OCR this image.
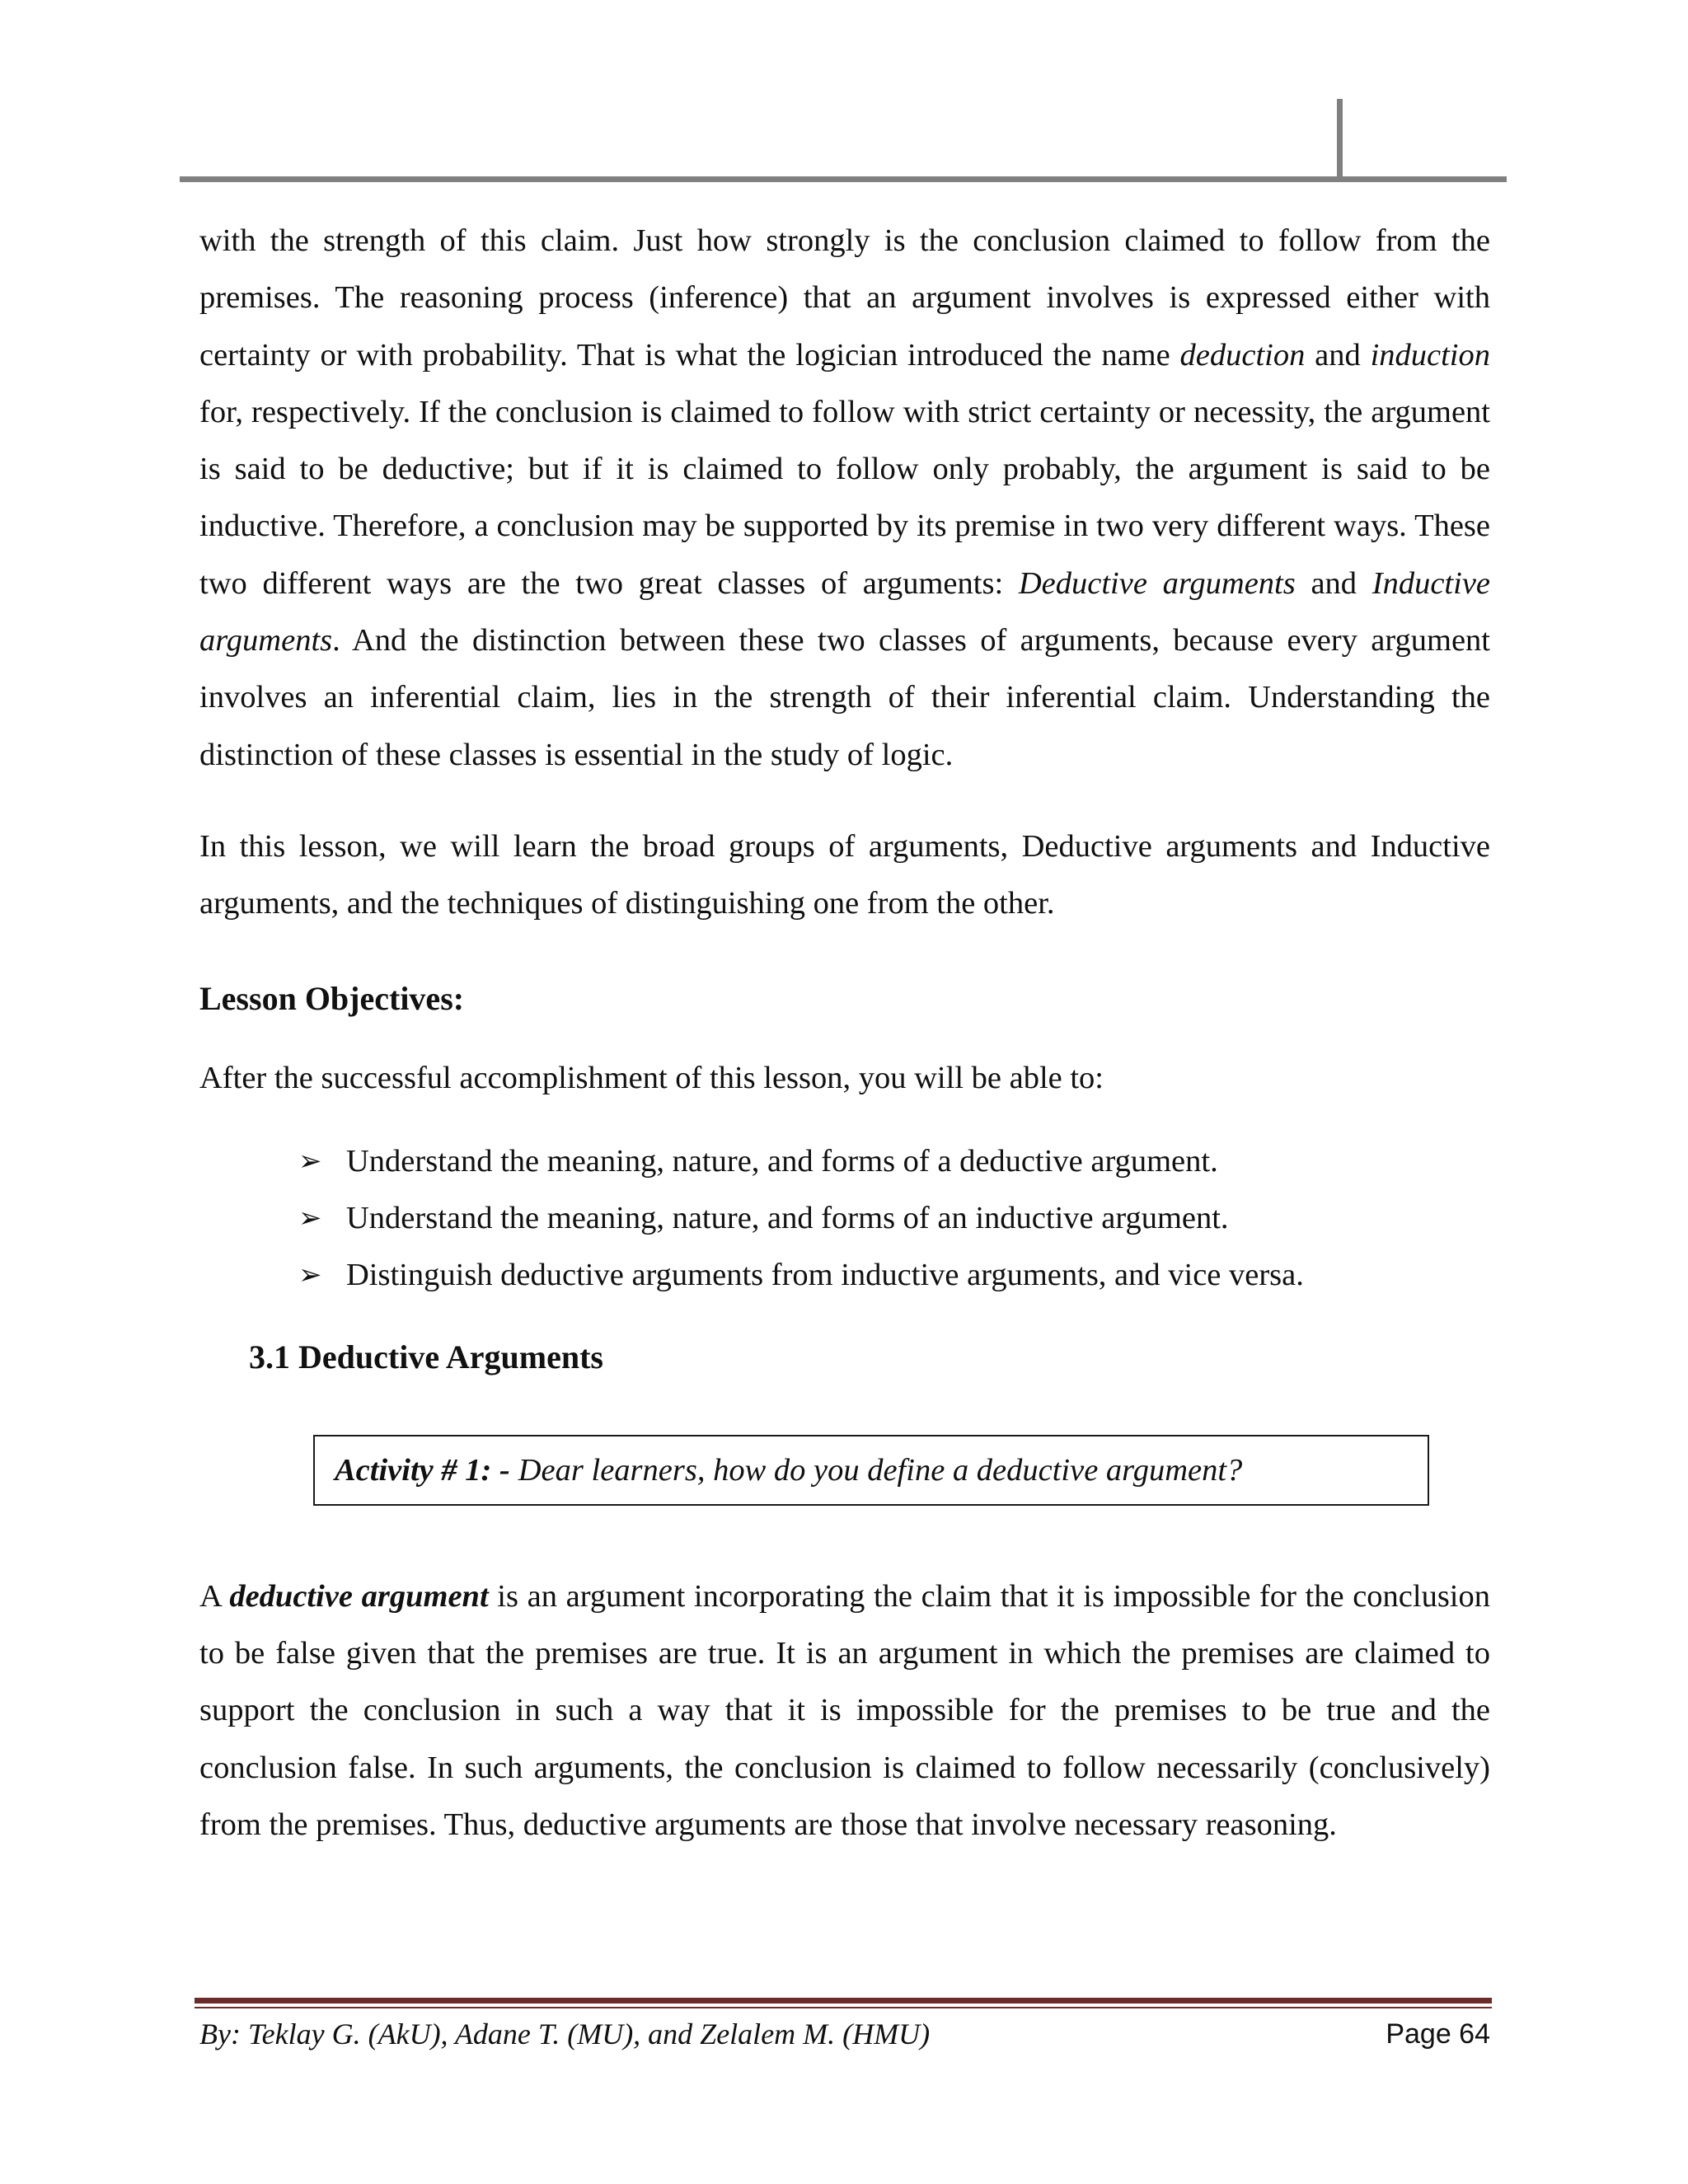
with the strength of this claim. Just how strongly is the conclusion claimed to follow from the premises. The reasoning process (inference) that an argument involves is expressed either with certainty or with probability. That is what the logician introduced the name deduction and induction for, respectively. If the conclusion is claimed to follow with strict certainty or necessity, the argument is said to be deductive; but if it is claimed to follow only probably, the argument is said to be inductive. Therefore, a conclusion may be supported by its premise in two very different ways. These two different ways are the two great classes of arguments: Deductive arguments and Inductive arguments. And the distinction between these two classes of arguments, because every argument involves an inferential claim, lies in the strength of their inferential claim. Understanding the distinction of these classes is essential in the study of logic.

In this lesson, we will learn the broad groups of arguments, Deductive arguments and Inductive arguments, and the techniques of distinguishing one from the other.

Lesson Objectives:

After the successful accomplishment of this lesson, you will be able to:

➢ Understand the meaning, nature, and forms of a deductive argument.
➢ Understand the meaning, nature, and forms of an inductive argument.
➢ Distinguish deductive arguments from inductive arguments, and vice versa.
3.1 Deductive Arguments
Activity # 1: - Dear learners, how do you define a deductive argument?

A deductive argument is an argument incorporating the claim that it is impossible for the conclusion to be false given that the premises are true. It is an argument in which the premises are claimed to support the conclusion in such a way that it is impossible for the premises to be true and the conclusion false. In such arguments, the conclusion is claimed to follow necessarily (conclusively) from the premises. Thus, deductive arguments are those that involve necessary reasoning.

By: Teklay G. (AkU), Adane T. (MU), and Zelalem M. (HMU)	Page 64
